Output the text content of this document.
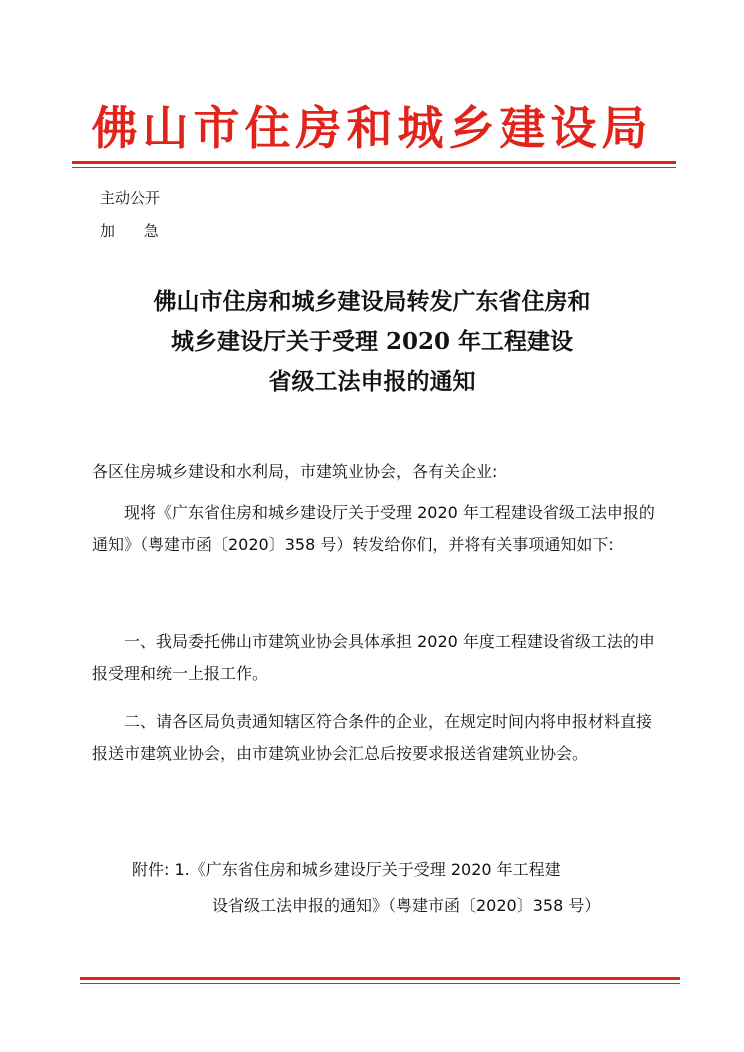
佛山市住房和城乡建设局
主动公开
加 急
佛山市住房和城乡建设局转发广东省住房和
城乡建设厅关于受理 2020 年工程建设
省级工法申报的通知

各区住房城乡建设和水利局，市建筑业协会，各有关企业:

现将《广东省住房和城乡建设厅关于受理 2020 年工程建设省级工法申报的通知》（粤建市函〔2020〕358 号）转发给你们，并将有关事项通知如下:

一、我局委托佛山市建筑业协会具体承担 2020 年度工程建设省级工法的申报受理和统一上报工作。

二、请各区局负责通知辖区符合条件的企业，在规定时间内将申报材料直接报送市建筑业协会，由市建筑业协会汇总后按要求报送省建筑业协会。

附件: 1.《广东省住房和城乡建设厅关于受理 2020 年工程建
设省级工法申报的通知》（粤建市函〔2020〕358 号）
